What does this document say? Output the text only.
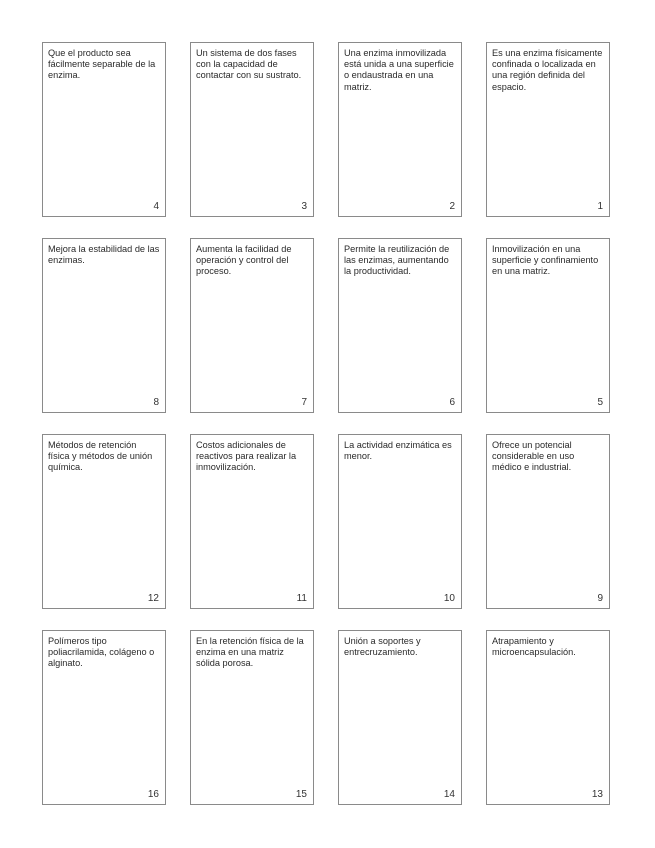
Que el producto sea fácilmente separable de la enzima.
4
Un sistema de dos fases con la capacidad de contactar con su sustrato.
3
Una enzima inmovilizada está unida a una superficie o endaustrada en una matriz.
2
Es una enzima físicamente confinada o localizada en una región definida del espacio.
1
Mejora la estabilidad de las enzimas.
8
Aumenta la facilidad de operación y control del proceso.
7
Permite la reutilización de las enzimas, aumentando la productividad.
6
Inmovilización en una superficie y confinamiento en una matriz.
5
Métodos de retención física y métodos de unión química.
12
Costos adicionales de reactivos para realizar la inmovilización.
11
La actividad enzimática es menor.
10
Ofrece un potencial considerable en uso médico e industrial.
9
Polímeros tipo poliacrilamida, colágeno o alginato.
16
En la retención física de la enzima en una matriz sólida porosa.
15
Unión a soportes y entrecruzamiento.
14
Atrapamiento y microencapsulación.
13
